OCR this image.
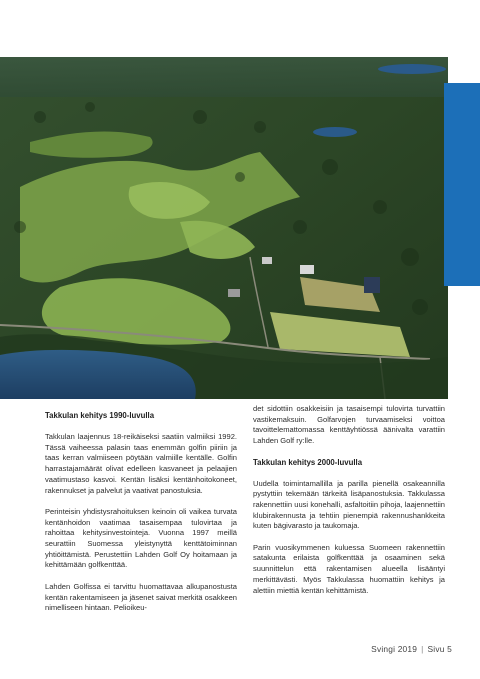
Takkulan kehitys 1990-luvulla

Takkulan laajennus 18-reikäiseksi saatiin valmiiksi 1992. Tässä vaiheessa palasin taas enemmän golfin piiriin ja taas kerran valmiiseen pöytään valmiille kentälle. Golfin harrastajamäärät olivat edelleen kasvaneet ja pelaajien vaatimustaso kasvoi. Kentän lisäksi kentänhoitokoneet, rakennukset ja palvelut ja vaativat panostuksia.

Perinteisin yhdistysrahoituksen keinoin oli vaikea turvata kentänhoidon vaatimaa tasaisempaa tulovirtaa ja rahoittaa kehitysinvestointeja. Vuonna 1997 meillä seurattiin Suomessa yleistynyttä kenttätoiminnan yhtiöittämistä. Perustettiin Lahden Golf Oy hoitamaan ja kehittämään golfkenttää.

Lahden Golfissa ei tarvittu huomattavaa alkupanostusta kentän rakentamiseen ja jäsenet saivat merkitä osakkeen nimelliseen hintaan. Pelioikeu-

det sidottiin osakkeisiin ja tasaisempi tulovirta turvattiin vastikemaksuin. Golfarvojen turvaamiseksi voittoa tavoittelemattomassa kenttäyhtiössä äänivalta varattiin Lahden Golf ry:lle.

Takkulan kehitys 2000-luvulla

Uudella toimintamallilla ja parilla pienellä osakeannilla pystyttiin tekemään tärkeitä lisäpanostuksia. Takkulassa rakennettiin uusi konehalli, asfaltoitiin pihoja, laajennettiin klubirakennusta ja tehtiin pienempiä rakennushankkeita kuten bägivarasto ja taukomaja.

Parin vuosikymmenen kuluessa Suomeen rakennettiin satakunta erilaista golfkenttää ja osaaminen sekä suunnittelun että rakentamisen alueella lisääntyi merkittävästi. Myös Takkulassa huomattiin kehitys ja alettiin miettiä kentän kehittämistä.

Svingi 2019 | Sivu 5
